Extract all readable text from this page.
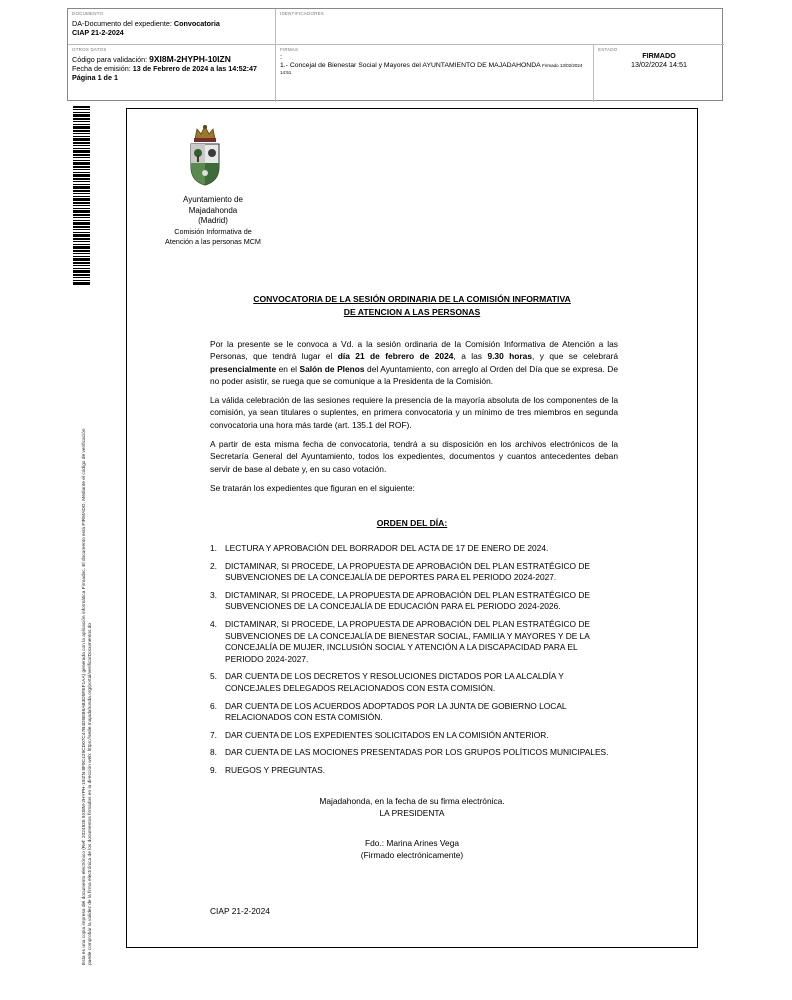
DOCUMENTO
DA-Documento del expediente: Convocatoria
CIAP 21-2-2024
IDENTIFICADORES
OTROS DATOS
Código para validación: 9XI8M-2HYPH-10IZN
Fecha de emisión: 13 de Febrero de 2024 a las 14:52:47
Página 1 de 1
FIRMAS
:
1.- Concejal de Bienestar Social y Mayores del AYUNTAMIENTO DE MAJADAHONDA Firmado 13/02/2024
14:51
ESTADO
FIRMADO
13/02/2024 14:51
Esta es una copia impresa del documento electrónico (Ref: 2024926 9XI8M-2HYPH-10IZN 8F9C429CD07C47B4D5EB9AB3D5FEF1AA) generada con la aplicación informática Firmadoc. El documento está FIRMADO. Mediante el código de verificación puede comprobar la validez de la firma electrónica de los documentos firmados en la dirección web: https://sede.majadahonda.org/portal/verificarDocumentos.do
Ayuntamiento de
Majadahonda
(Madrid)
Comisión Informativa de
Atención a las personas MCM
CONVOCATORIA DE LA SESIÓN ORDINARIA DE LA COMISIÓN INFORMATIVA
DE ATENCION A LAS PERSONAS

Por la presente se le convoca a Vd. a la sesión ordinaria de la Comisión Informativa de Atención a las Personas, que tendrá lugar el día 21 de febrero de 2024, a las 9.30 horas, y que se celebrará presencialmente en el Salón de Plenos del Ayuntamiento, con arreglo al Orden del Día que se expresa. De no poder asistir, se ruega que se comunique a la Presidenta de la Comisión.

La válida celebración de las sesiones requiere la presencia de la mayoría absoluta de los componentes de la comisión, ya sean titulares o suplentes, en primera convocatoria y un mínimo de tres miembros en segunda convocatoria una hora más tarde (art. 135.1 del ROF).

A partir de esta misma fecha de convocatoria, tendrá a su disposición en los archivos electrónicos de la Secretaría General del Ayuntamiento, todos los expedientes, documentos y cuantos antecedentes deban servir de base al debate y, en su caso votación.

Se tratarán los expedientes que figuran en el siguiente:

ORDEN DEL DÍA:
1. LECTURA Y APROBACIÓN DEL BORRADOR DEL ACTA DE 17 DE ENERO DE 2024.
2. DICTAMINAR, SI PROCEDE, LA PROPUESTA DE APROBACIÓN DEL PLAN ESTRATÉGICO DE SUBVENCIONES DE LA CONCEJALÍA DE DEPORTES PARA EL PERIODO 2024-2027.
3. DICTAMINAR, SI PROCEDE, LA PROPUESTA DE APROBACIÓN DEL PLAN ESTRATÉGICO DE SUBVENCIONES DE LA CONCEJALÍA DE EDUCACIÓN PARA EL PERIODO 2024-2026.
4. DICTAMINAR, SI PROCEDE, LA PROPUESTA DE APROBACIÓN DEL PLAN ESTRATÉGICO DE SUBVENCIONES DE LA CONCEJALÍA DE BIENESTAR SOCIAL, FAMILIA Y MAYORES Y DE LA CONCEJALÍA DE MUJER, INCLUSIÓN SOCIAL Y ATENCIÓN A LA DISCAPACIDAD PARA EL PERIODO 2024-2027.
5. DAR CUENTA DE LOS DECRETOS Y RESOLUCIONES DICTADOS POR LA ALCALDÍA Y CONCEJALES DELEGADOS RELACIONADOS CON ESTA COMISIÓN.
6. DAR CUENTA DE LOS ACUERDOS ADOPTADOS POR LA JUNTA DE GOBIERNO LOCAL RELACIONADOS CON ESTA COMISIÓN.
7. DAR CUENTA DE LOS EXPEDIENTES SOLICITADOS EN LA COMISIÓN ANTERIOR.
8. DAR CUENTA DE LAS MOCIONES PRESENTADAS POR LOS GRUPOS POLÍTICOS MUNICIPALES.
9. RUEGOS Y PREGUNTAS.
Majadahonda, en la fecha de su firma electrónica.
LA PRESIDENTA
Fdo.: Marina Arines Vega
(Firmado electrónicamente)
CIAP 21-2-2024
